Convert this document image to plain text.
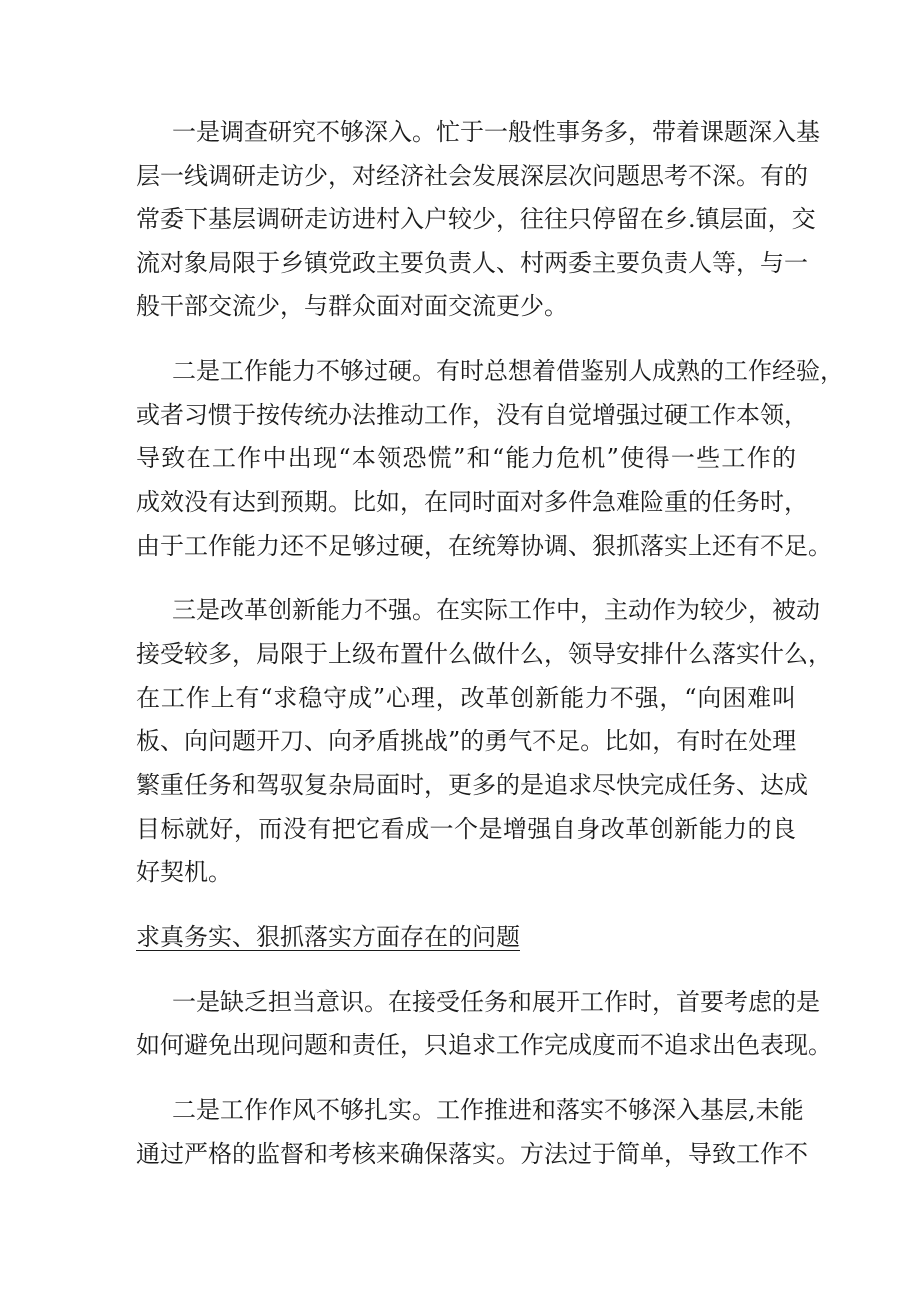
一是调查研究不够深入。忙于一般性事务多，带着课题深入基
层一线调研走访少，对经济社会发展深层次问题思考不深。有的
常委下基层调研走访进村入户较少，往往只停留在乡.镇层面，交
流对象局限于乡镇党政主要负责人、村两委主要负责人等，与一
般干部交流少，与群众面对面交流更少。
二是工作能力不够过硬。有时总想着借鉴别人成熟的工作经验，
或者习惯于按传统办法推动工作，没有自觉增强过硬工作本领，
导致在工作中出现“本领恐慌”和“能力危机”使得一些工作的
成效没有达到预期。比如，在同时面对多件急难险重的任务时，
由于工作能力还不足够过硬，在统筹协调、狠抓落实上还有不足。
三是改革创新能力不强。在实际工作中，主动作为较少，被动
接受较多，局限于上级布置什么做什么，领导安排什么落实什么，
在工作上有“求稳守成”心理，改革创新能力不强，“向困难叫
板、向问题开刀、向矛盾挑战”的勇气不足。比如，有时在处理
繁重任务和驾驭复杂局面时，更多的是追求尽快完成任务、达成
目标就好，而没有把它看成一个是增强自身改革创新能力的良
好契机。
求真务实、狠抓落实方面存在的问题
一是缺乏担当意识。在接受任务和展开工作时，首要考虑的是
如何避免出现问题和责任，只追求工作完成度而不追求出色表现。
二是工作作风不够扎实。工作推进和落实不够深入基层,未能
通过严格的监督和考核来确保落实。方法过于简单，导致工作不
